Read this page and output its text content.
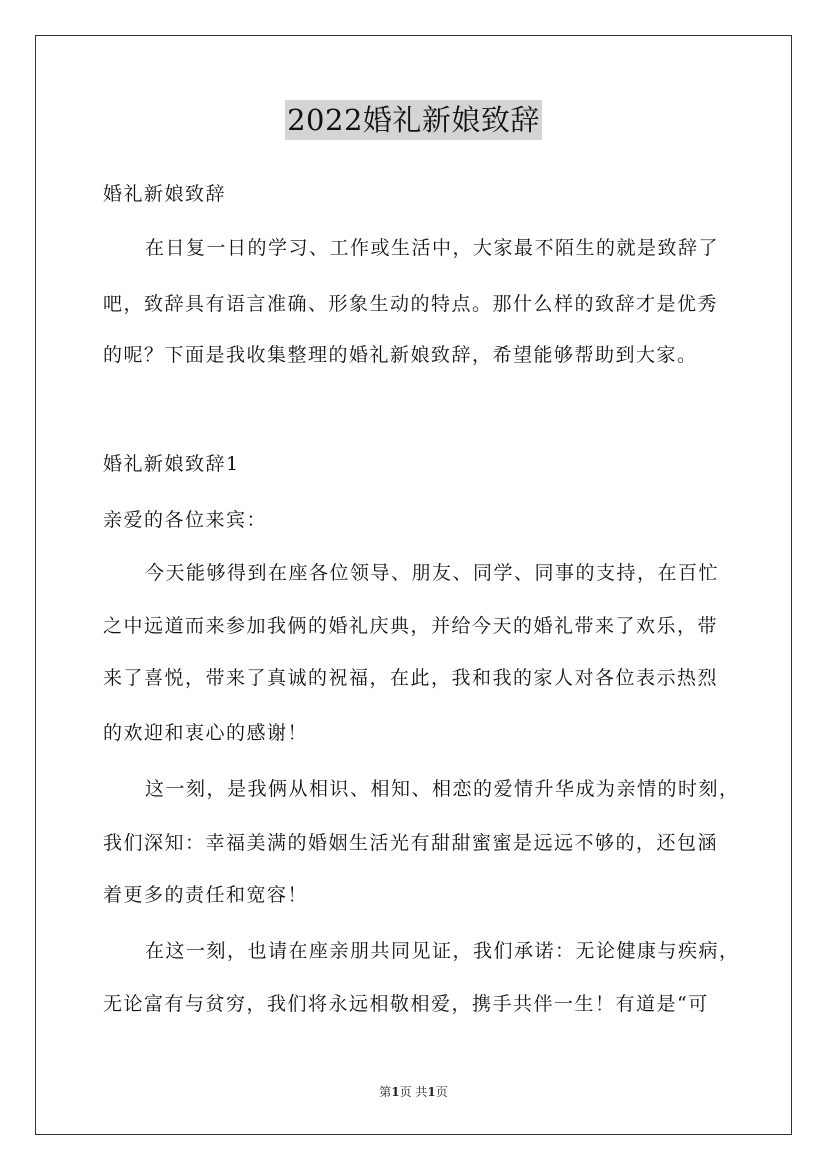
2022婚礼新娘致辞
婚礼新娘致辞
在日复一日的学习、工作或生活中，大家最不陌生的就是致辞了
吧，致辞具有语言准确、形象生动的特点。那什么样的致辞才是优秀
的呢？下面是我收集整理的婚礼新娘致辞，希望能够帮助到大家。
婚礼新娘致辞1
亲爱的各位来宾：
今天能够得到在座各位领导、朋友、同学、同事的支持，在百忙
之中远道而来参加我俩的婚礼庆典，并给今天的婚礼带来了欢乐，带
来了喜悦，带来了真诚的祝福，在此，我和我的家人对各位表示热烈
的欢迎和衷心的感谢！
这一刻，是我俩从相识、相知、相恋的爱情升华成为亲情的时刻，
我们深知：幸福美满的婚姻生活光有甜甜蜜蜜是远远不够的，还包涵
着更多的责任和宽容！
在这一刻，也请在座亲朋共同见证，我们承诺：无论健康与疾病，
无论富有与贫穷，我们将永远相敬相爱，携手共伴一生！有道是“可
第1页 共1页
